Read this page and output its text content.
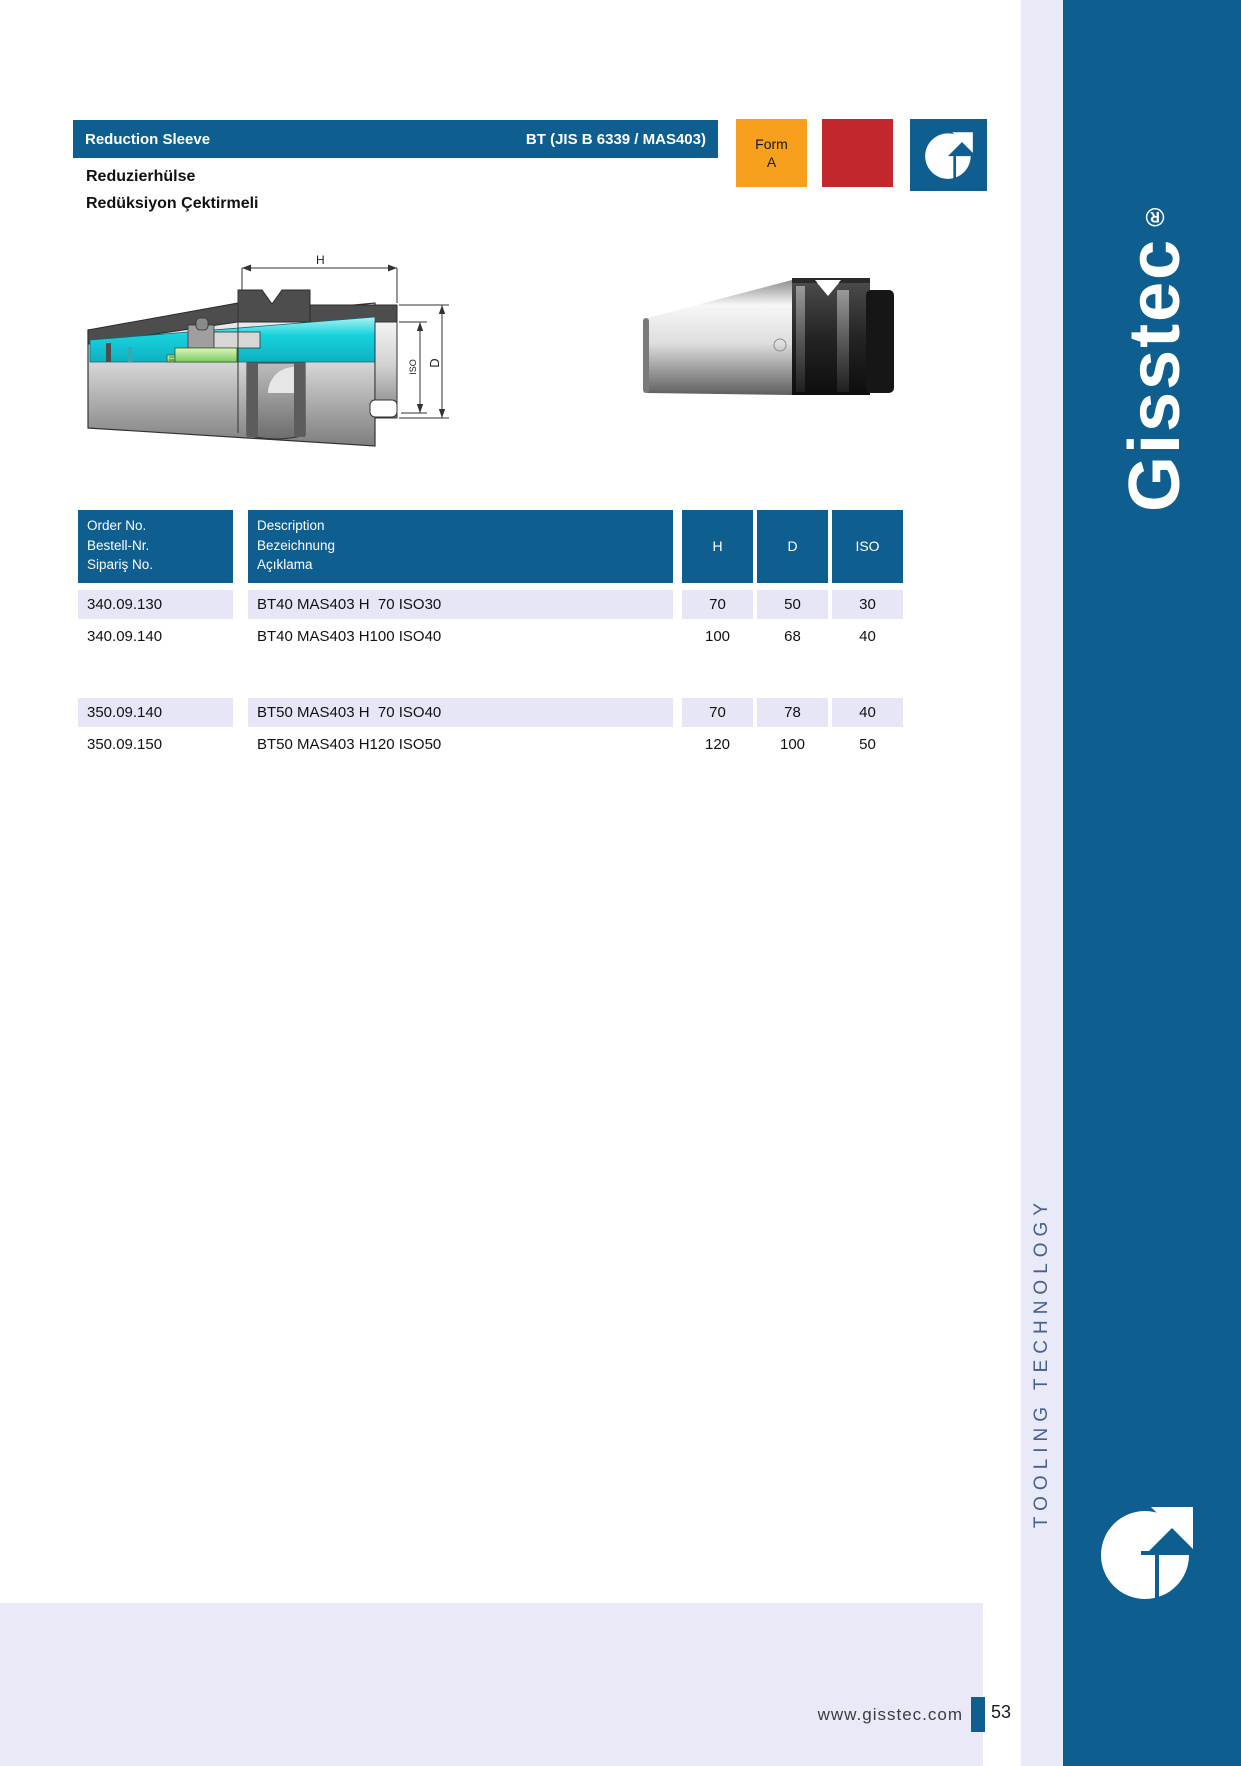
Gisstec
®
TOOLING TECHNOLOGY
Reduction Sleeve	BT (JIS B 6339 / MAS403)
Reduzierhülse
Redüksiyon Çektirmeli
Form
A
H
ISO D
Order No.
Bestell-Nr.
Sipariş No.
Description
Bezeichnung
Açıklama
H	D	ISO
340.09.130	BT40 MAS403 H  70 ISO30	70	50	30
340.09.140	BT40 MAS403 H100 ISO40	100	68	40
350.09.140	BT50 MAS403 H  70 ISO40	70	78	40
350.09.150	BT50 MAS403 H120 ISO50	120	100	50
www.gisstec.com 53
